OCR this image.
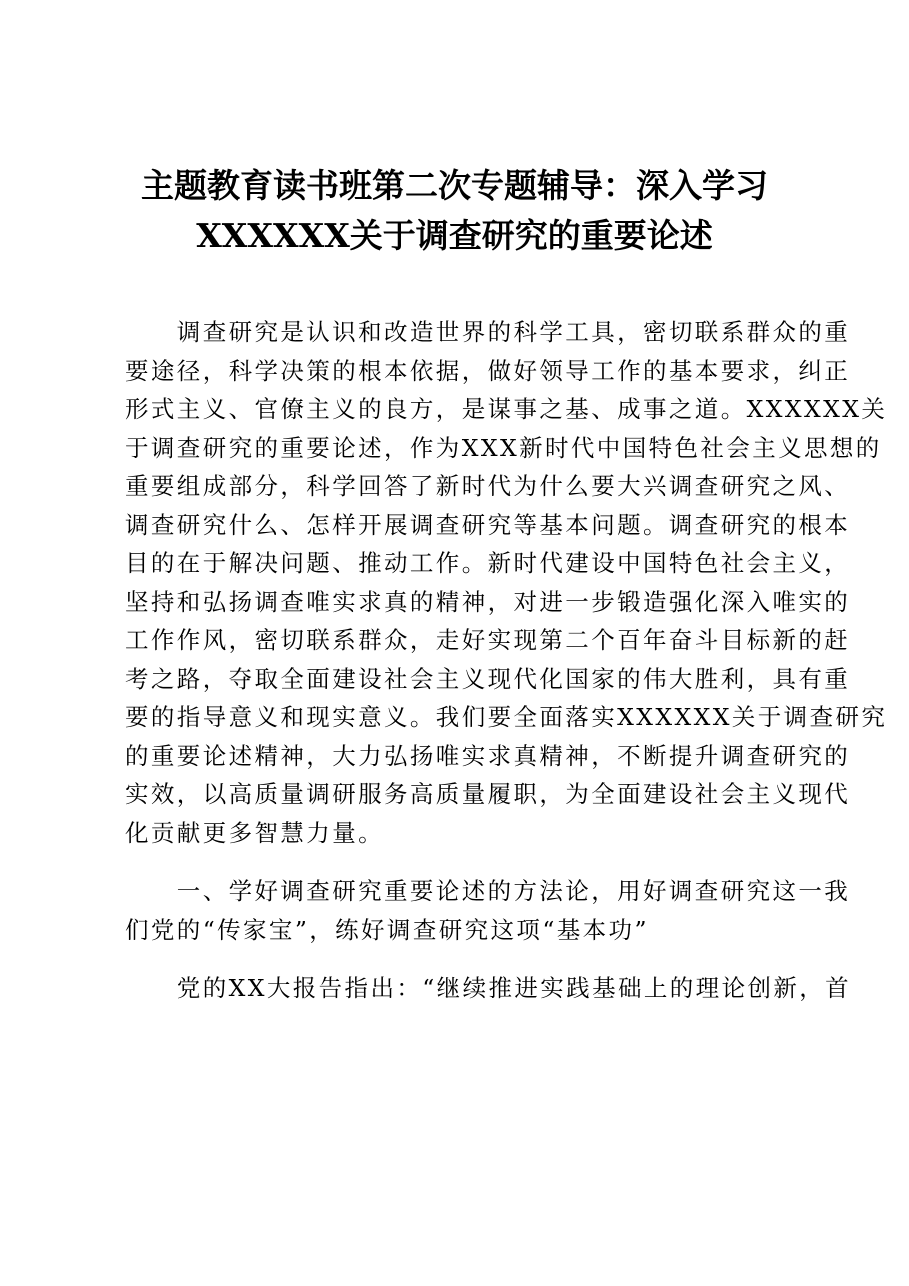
主题教育读书班第二次专题辅导：深入学习
XXXXXX关于调查研究的重要论述
　　调查研究是认识和改造世界的科学工具，密切联系群众的重
要途径，科学决策的根本依据，做好领导工作的基本要求，纠正
形式主义、官僚主义的良方，是谋事之基、成事之道。XXXXXX关
于调查研究的重要论述，作为XXX新时代中国特色社会主义思想的
重要组成部分，科学回答了新时代为什么要大兴调查研究之风、
调查研究什么、怎样开展调查研究等基本问题。调查研究的根本
目的在于解决问题、推动工作。新时代建设中国特色社会主义，
坚持和弘扬调查唯实求真的精神，对进一步锻造强化深入唯实的
工作作风，密切联系群众，走好实现第二个百年奋斗目标新的赶
考之路，夺取全面建设社会主义现代化国家的伟大胜利，具有重
要的指导意义和现实意义。我们要全面落实XXXXXX关于调查研究
的重要论述精神，大力弘扬唯实求真精神，不断提升调查研究的
实效，以高质量调研服务高质量履职，为全面建设社会主义现代
化贡献更多智慧力量。
　　一、学好调查研究重要论述的方法论，用好调查研究这一我
们党的“传家宝”，练好调查研究这项“基本功”
　　党的XX大报告指出：“继续推进实践基础上的理论创新，首
